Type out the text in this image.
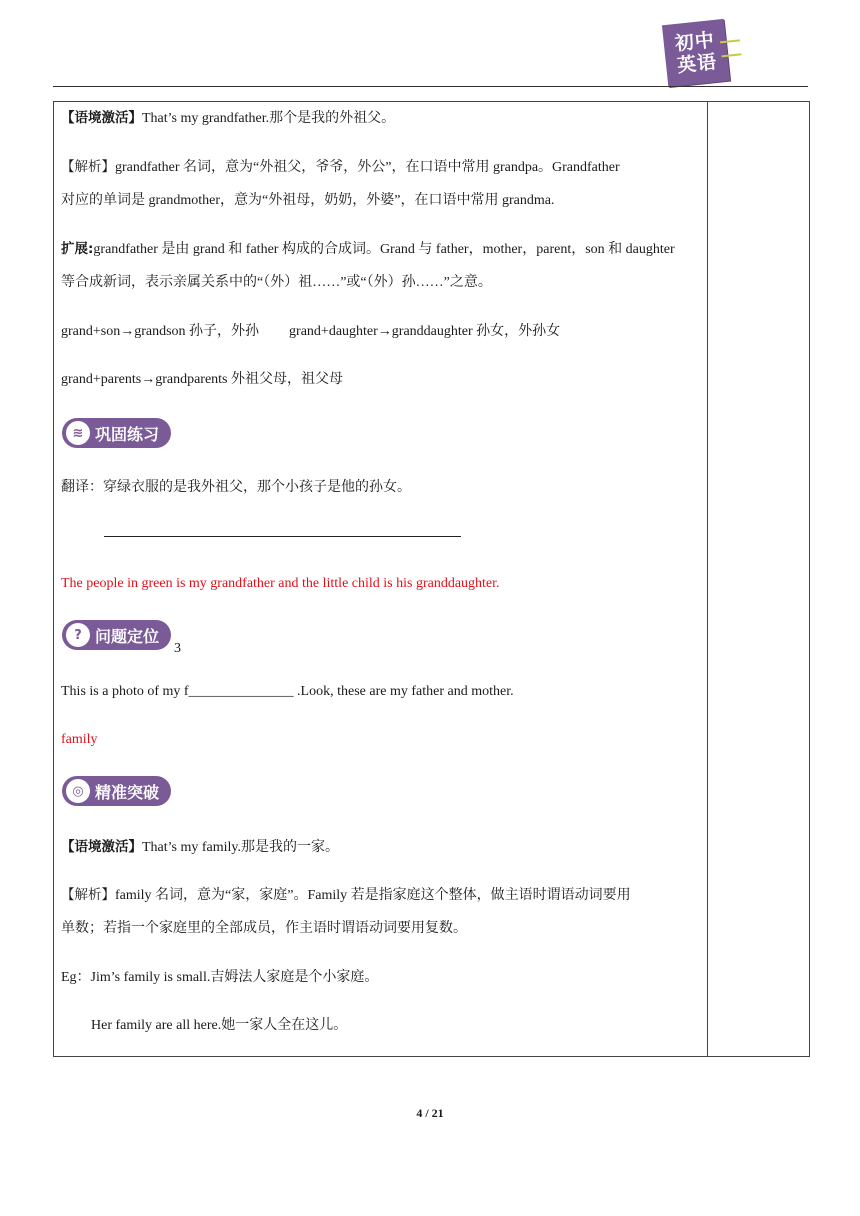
初中
英语

【语境激活】That’s my grandfather.那个是我的外祖父。

【解析】grandfather 名词，意为“外祖父，爷爷，外公”，在口语中常用 grandpa。Grandfather
对应的单词是 grandmother，意为“外祖母，奶奶，外婆”，在口语中常用 grandma.

扩展:grandfather 是由 grand 和 father 构成的合成词。Grand 与 father，mother，parent，son 和 daughter
等合成新词，表示亲属关系中的“（外）祖……”或“（外）孙……”之意。

grand+son→grandson 孙子，外孙 grand+daughter→granddaughter 孙女，外孙女

grand+parents→grandparents 外祖父母，祖父母

≋ 巩固练习

翻译：穿绿衣服的是我外祖父，那个小孩子是他的孙女。

The people in green is my grandfather and the little child is his granddaughter.

? 问题定位
3

This is a photo of my f_______________ .Look, these are my father and mother.

family

◎ 精准突破

【语境激活】That’s my family.那是我的一家。

【解析】family 名词，意为“家，家庭”。Family 若是指家庭这个整体，做主语时谓语动词要用
单数；若指一个家庭里的全部成员，作主语时谓语动词要用复数。

Eg：Jim’s family is small.吉姆法人家庭是个小家庭。

Her family are all here.她一家人全在这儿。

4 / 21
